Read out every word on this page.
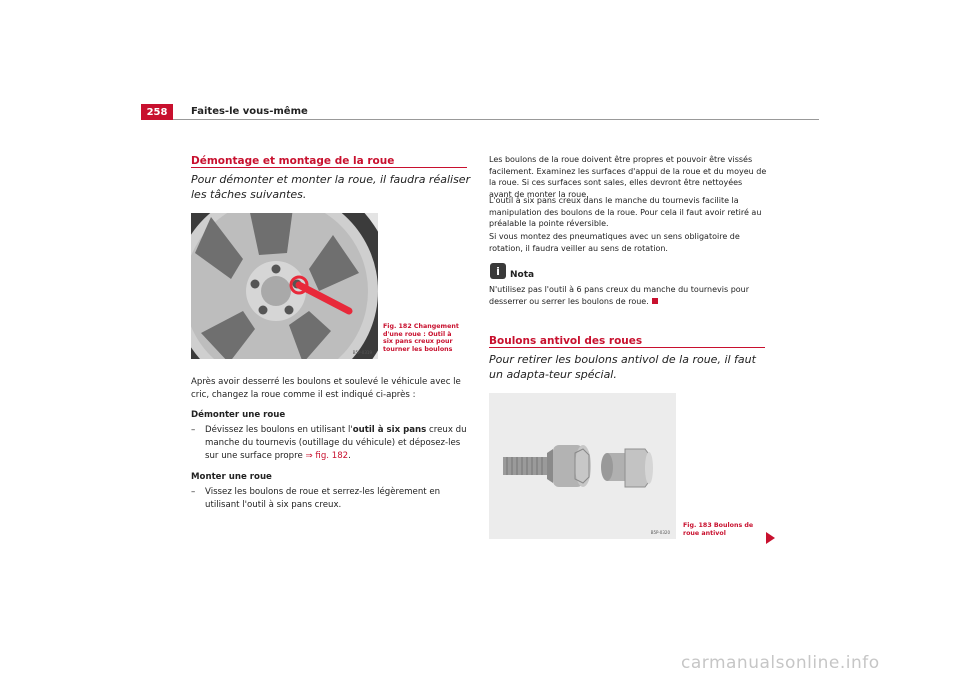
258	Faites-le vous-même
Démontage et montage de la roue
Pour démonter et monter la roue, il faudra réaliser les tâches suivantes.
B5P-0319
Fig. 182 Changement d'une roue : Outil à six pans creux pour tourner les boulons
Après avoir desserré les boulons et soulevé le véhicule avec le cric, changez la roue comme il est indiqué ci-après :
Démonter une roue
–	Dévissez les boulons en utilisant l'outil à six pans creux du manche du tournevis (outillage du véhicule) et déposez-les sur une surface propre ⇒ fig. 182.
Monter une roue
–	Vissez les boulons de roue et serrez-les légèrement en utilisant l'outil à six pans creux.
Les boulons de la roue doivent être propres et pouvoir être vissés facilement. Examinez les surfaces d'appui de la roue et du moyeu de la roue. Si ces surfaces sont sales, elles devront être nettoyées avant de monter la roue.
L'outil à six pans creux dans le manche du tournevis facilite la manipulation des boulons de la roue. Pour cela il faut avoir retiré au préalable la pointe réversible.
Si vous montez des pneumatiques avec un sens obligatoire de rotation, il faudra veiller au sens de rotation.
i	Nota
N'utilisez pas l'outil à 6 pans creux du manche du tournevis pour desserrer ou serrer les boulons de roue.
Boulons antivol des roues
Pour retirer les boulons antivol de la roue, il faut un adapta-teur spécial.
B5P-0320
Fig. 183 Boulons de roue antivol
carmanualsonline.info
